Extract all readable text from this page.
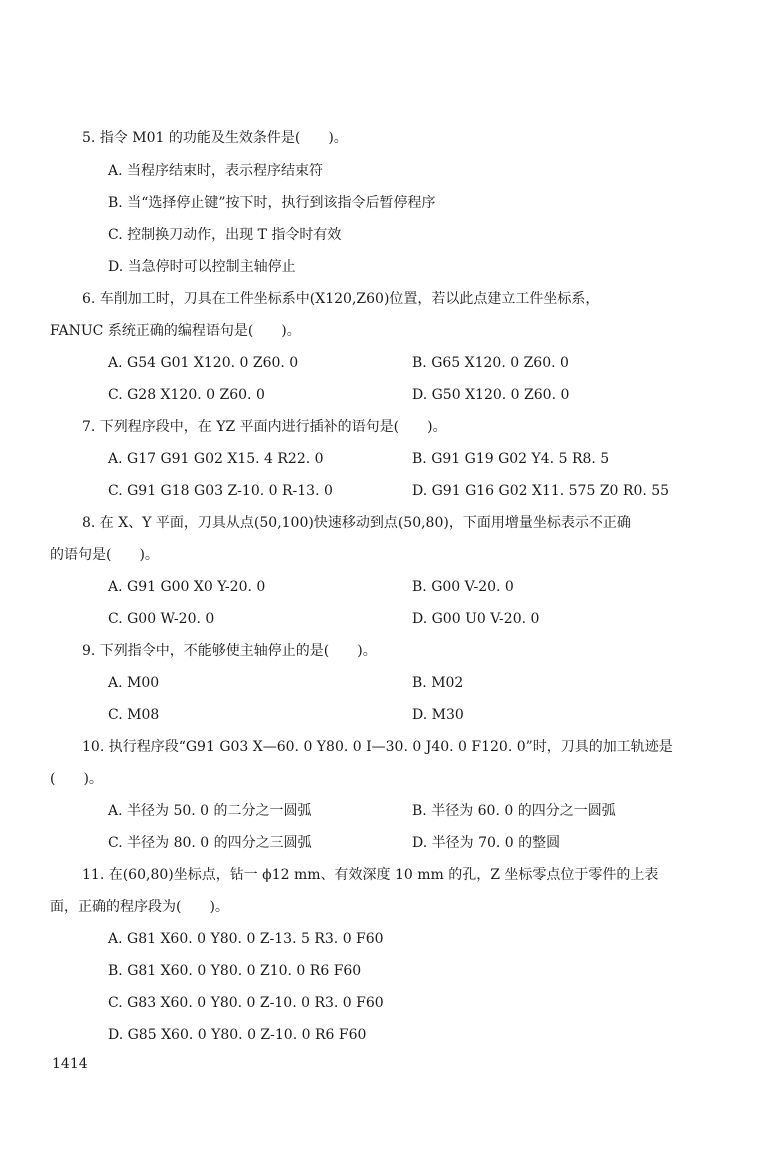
5. 指令 M01 的功能及生效条件是(　　)。
A. 当程序结束时，表示程序结束符
B. 当“选择停止键”按下时，执行到该指令后暂停程序
C. 控制换刀动作，出现 T 指令时有效
D. 当急停时可以控制主轴停止
6. 车削加工时，刀具在工件坐标系中(X120,Z60)位置，若以此点建立工件坐标系，
FANUC 系统正确的编程语句是(　　)。
A. G54 G01 X120. 0 Z60. 0	B. G65 X120. 0 Z60. 0
C. G28 X120. 0 Z60. 0	D. G50 X120. 0 Z60. 0
7. 下列程序段中，在 YZ 平面内进行插补的语句是(　　)。
A. G17 G91 G02 X15. 4 R22. 0	B. G91 G19 G02 Y4. 5 R8. 5
C. G91 G18 G03 Z-10. 0 R-13. 0	D. G91 G16 G02 X11. 575 Z0 R0. 55
8. 在 X、Y 平面，刀具从点(50,100)快速移动到点(50,80)，下面用增量坐标表示不正确
的语句是(　　)。
A. G91 G00 X0 Y-20. 0	B. G00 V-20. 0
C. G00 W-20. 0	D. G00 U0 V-20. 0
9. 下列指令中，不能够使主轴停止的是(　　)。
A. M00	B. M02
C. M08	D. M30
10. 执行程序段“G91 G03 X—60. 0 Y80. 0 I—30. 0 J40. 0 F120. 0”时，刀具的加工轨迹是
(　　)。
A. 半径为 50. 0 的二分之一圆弧	B. 半径为 60. 0 的四分之一圆弧
C. 半径为 80. 0 的四分之三圆弧	D. 半径为 70. 0 的整圆
11. 在(60,80)坐标点，钻一 ϕ12 mm、有效深度 10 mm 的孔，Z 坐标零点位于零件的上表
面，正确的程序段为(　　)。
A. G81 X60. 0 Y80. 0 Z-13. 5 R3. 0 F60
B. G81 X60. 0 Y80. 0 Z10. 0 R6 F60
C. G83 X60. 0 Y80. 0 Z-10. 0 R3. 0 F60
D. G85 X60. 0 Y80. 0 Z-10. 0 R6 F60
1414
